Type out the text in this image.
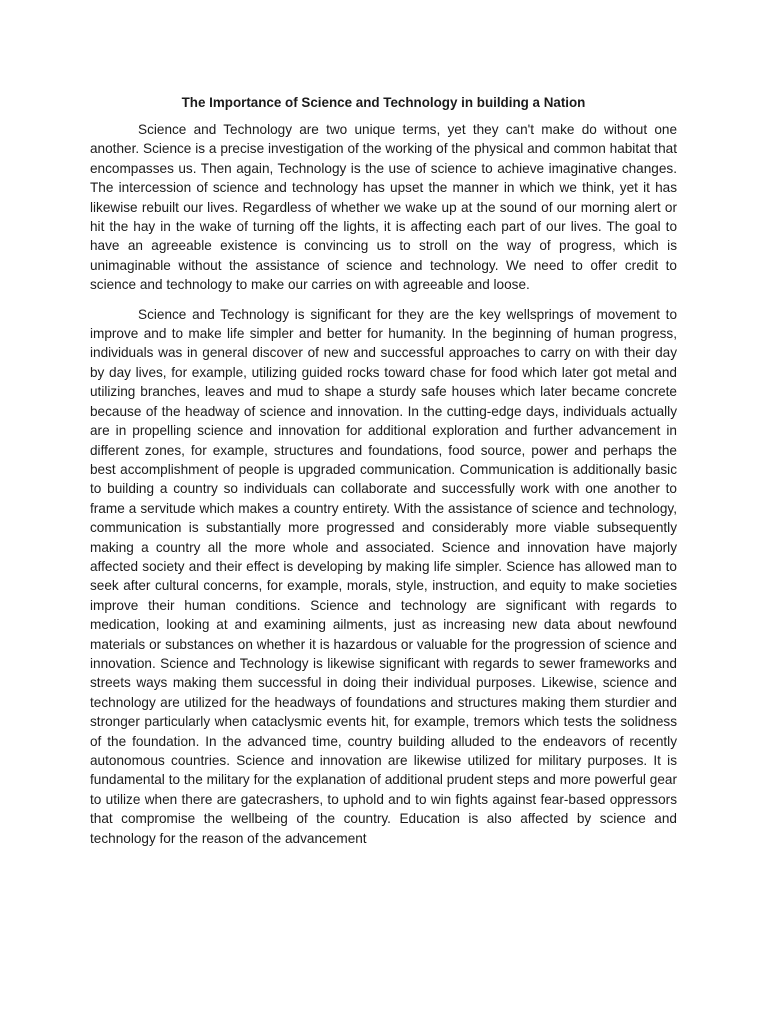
The Importance of Science and Technology in building a Nation

Science and Technology are two unique terms, yet they can't make do without one another. Science is a precise investigation of the working of the physical and common habitat that encompasses us. Then again, Technology is the use of science to achieve imaginative changes. The intercession of science and technology has upset the manner in which we think, yet it has likewise rebuilt our lives. Regardless of whether we wake up at the sound of our morning alert or hit the hay in the wake of turning off the lights, it is affecting each part of our lives. The goal to have an agreeable existence is convincing us to stroll on the way of progress, which is unimaginable without the assistance of science and technology. We need to offer credit to science and technology to make our carries on with agreeable and loose.

Science and Technology is significant for they are the key wellsprings of movement to improve and to make life simpler and better for humanity. In the beginning of human progress, individuals was in general discover of new and successful approaches to carry on with their day by day lives, for example, utilizing guided rocks toward chase for food which later got metal and utilizing branches, leaves and mud to shape a sturdy safe houses which later became concrete because of the headway of science and innovation. In the cutting-edge days, individuals actually are in propelling science and innovation for additional exploration and further advancement in different zones, for example, structures and foundations, food source, power and perhaps the best accomplishment of people is upgraded communication. Communication is additionally basic to building a country so individuals can collaborate and successfully work with one another to frame a servitude which makes a country entirety. With the assistance of science and technology, communication is substantially more progressed and considerably more viable subsequently making a country all the more whole and associated. Science and innovation have majorly affected society and their effect is developing by making life simpler. Science has allowed man to seek after cultural concerns, for example, morals, style, instruction, and equity to make societies improve their human conditions. Science and technology are significant with regards to medication, looking at and examining ailments, just as increasing new data about newfound materials or substances on whether it is hazardous or valuable for the progression of science and innovation. Science and Technology is likewise significant with regards to sewer frameworks and streets ways making them successful in doing their individual purposes. Likewise, science and technology are utilized for the headways of foundations and structures making them sturdier and stronger particularly when cataclysmic events hit, for example, tremors which tests the solidness of the foundation. In the advanced time, country building alluded to the endeavors of recently autonomous countries. Science and innovation are likewise utilized for military purposes. It is fundamental to the military for the explanation of additional prudent steps and more powerful gear to utilize when there are gatecrashers, to uphold and to win fights against fear-based oppressors that compromise the wellbeing of the country. Education is also affected by science and technology for the reason of the advancement
